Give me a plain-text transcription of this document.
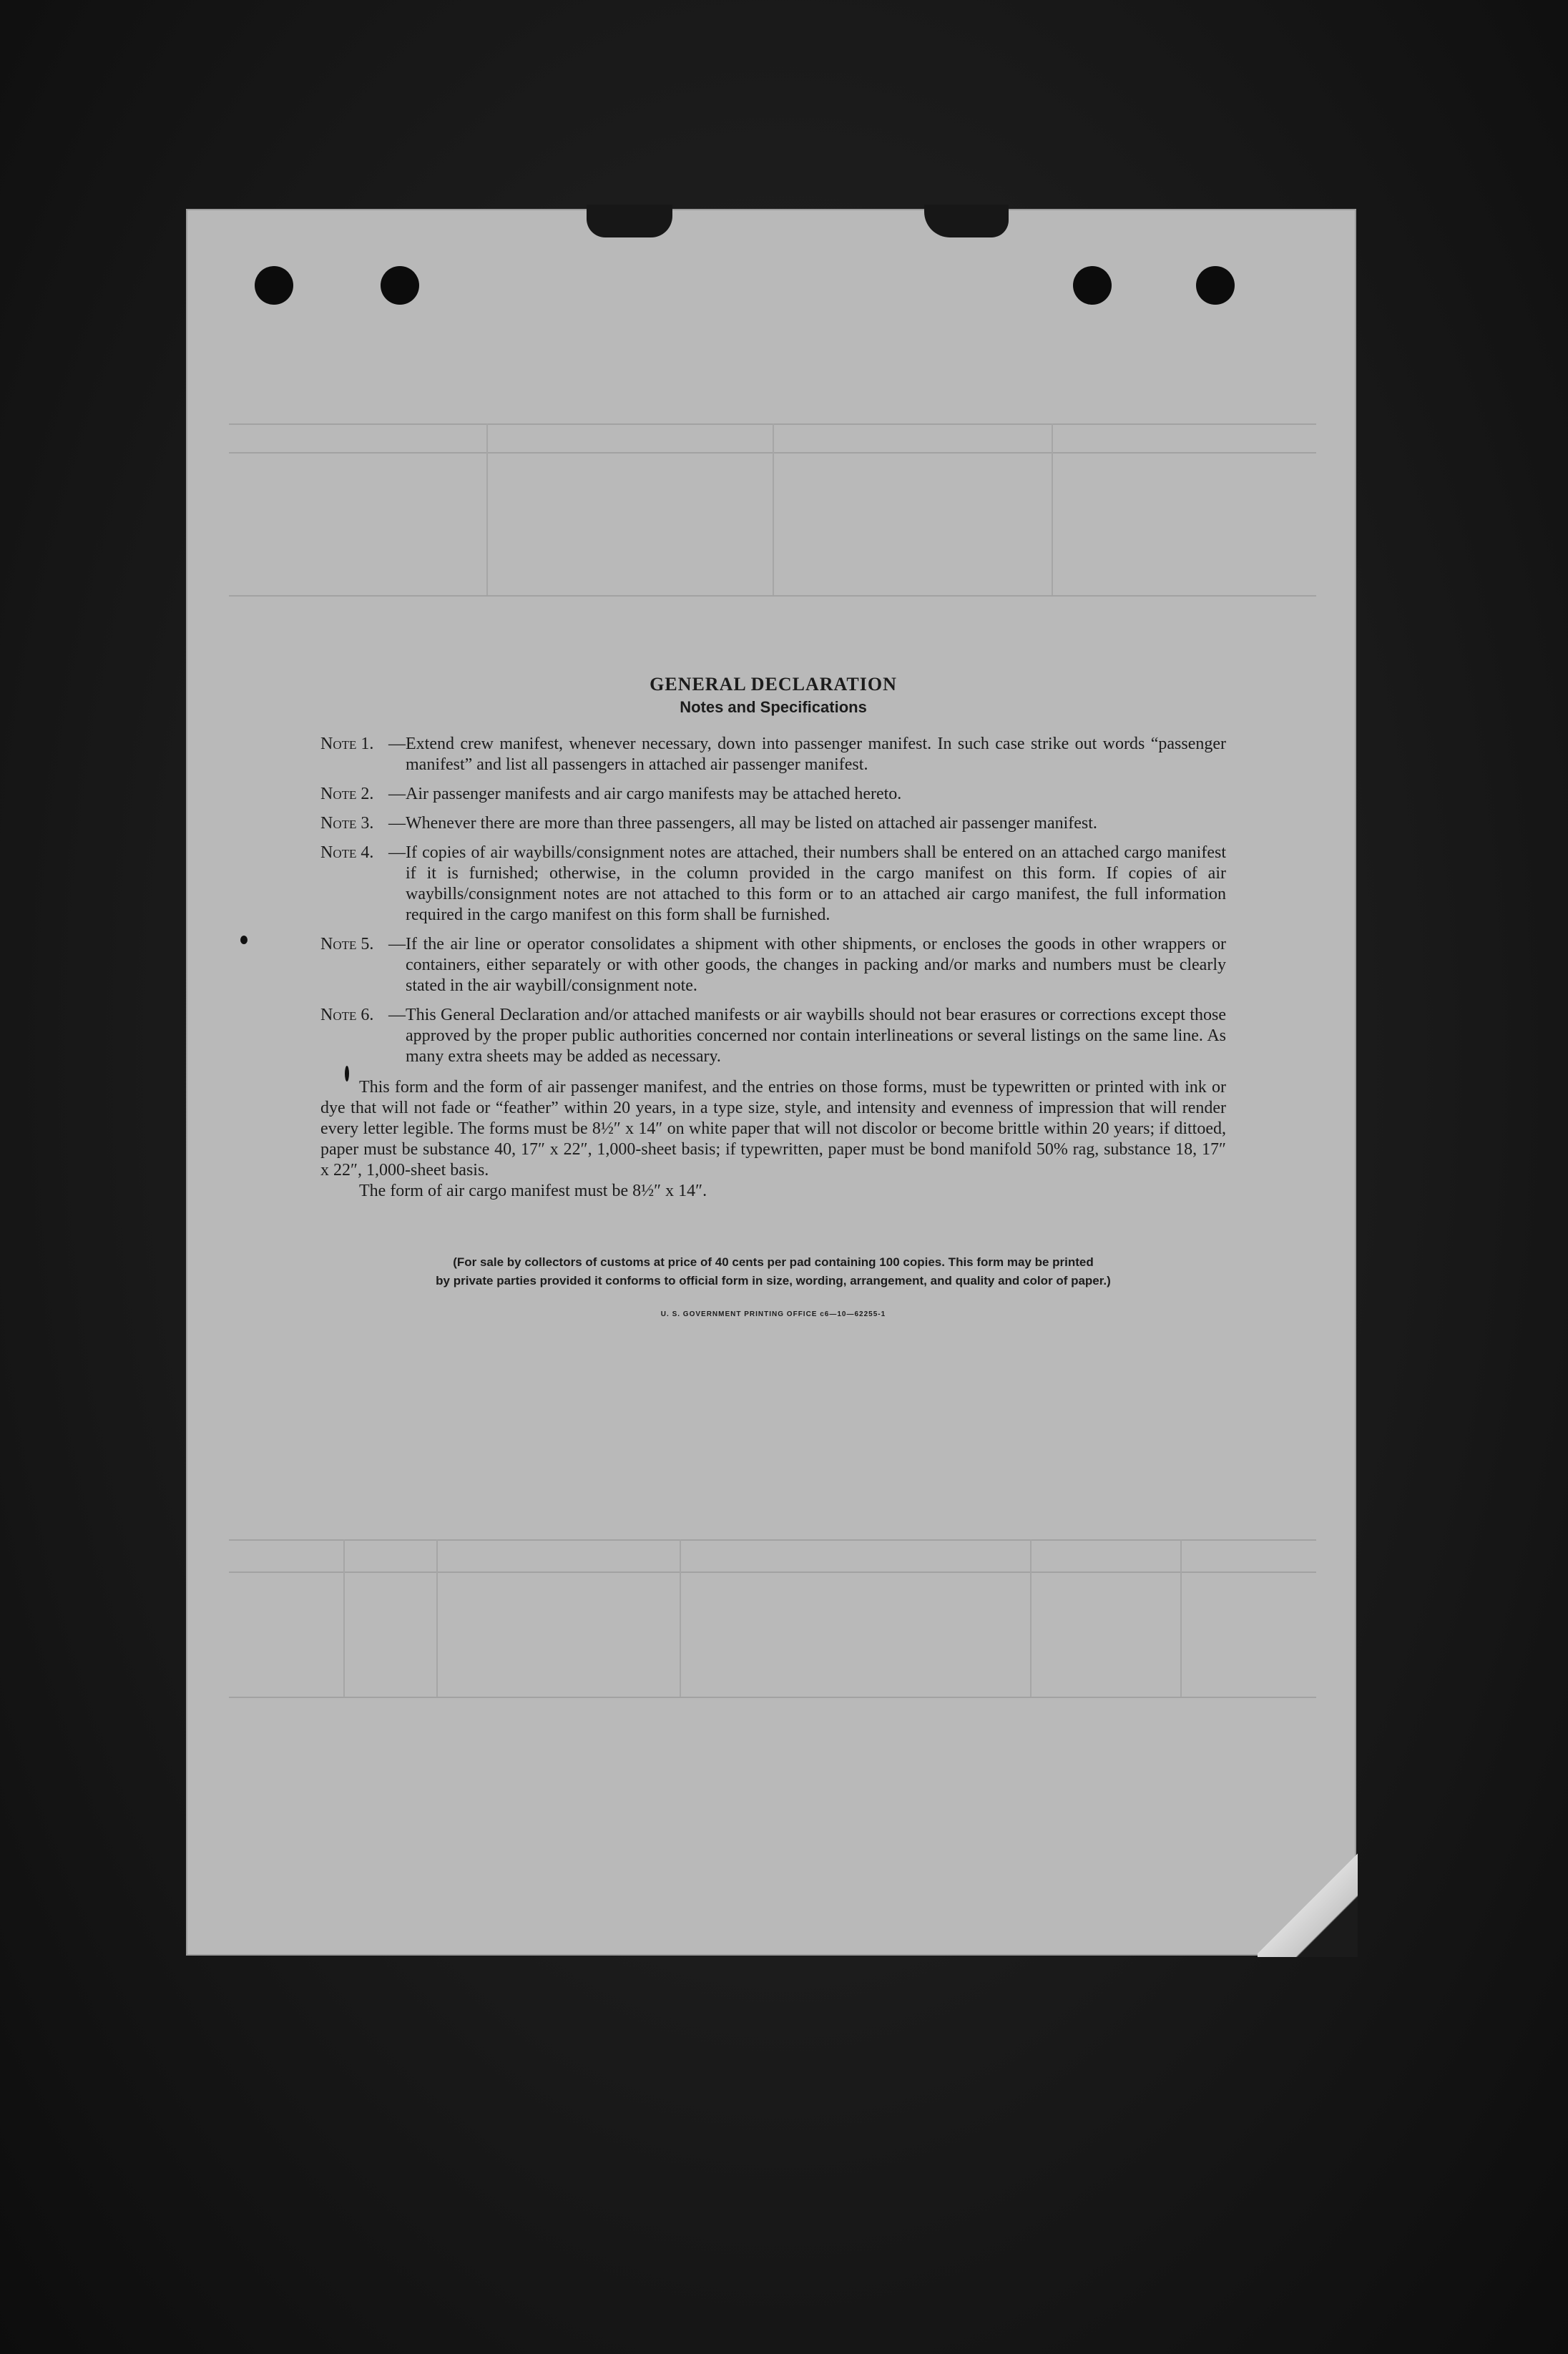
GENERAL DECLARATION
Notes and Specifications
Note 1. — Extend crew manifest, whenever necessary, down into passenger manifest. In such case strike out words “passenger manifest” and list all passengers in attached air passenger manifest.
Note 2. — Air passenger manifests and air cargo manifests may be attached hereto.
Note 3. — Whenever there are more than three passengers, all may be listed on attached air passenger manifest.
Note 4. — If copies of air waybills/consignment notes are attached, their numbers shall be entered on an attached cargo manifest if it is furnished; otherwise, in the column provided in the cargo manifest on this form. If copies of air waybills/consignment notes are not attached to this form or to an attached air cargo manifest, the full information required in the cargo manifest on this form shall be furnished.
Note 5. — If the air line or operator consolidates a shipment with other shipments, or encloses the goods in other wrappers or containers, either separately or with other goods, the changes in packing and/or marks and numbers must be clearly stated in the air waybill/consignment note.
Note 6. — This General Declaration and/or attached manifests or air waybills should not bear erasures or corrections except those approved by the proper public authorities concerned nor contain interlineations or several listings on the same line. As many extra sheets may be added as necessary.
This form and the form of air passenger manifest, and the entries on those forms, must be typewritten or printed with ink or dye that will not fade or “feather” within 20 years, in a type size, style, and intensity and evenness of impression that will render every letter legible. The forms must be 8½″ x 14″ on white paper that will not discolor or become brittle within 20 years; if dittoed, paper must be substance 40, 17″ x 22″, 1,000-sheet basis; if typewritten, paper must be bond manifold 50% rag, substance 18, 17″ x 22″, 1,000-sheet basis.
The form of air cargo manifest must be 8½″ x 14″.
(For sale by collectors of customs at price of 40 cents per pad containing 100 copies. This form may be printed
by private parties provided it conforms to official form in size, wording, arrangement, and quality and color of paper.)
U. S. GOVERNMENT PRINTING OFFICE c6—10—62255-1
